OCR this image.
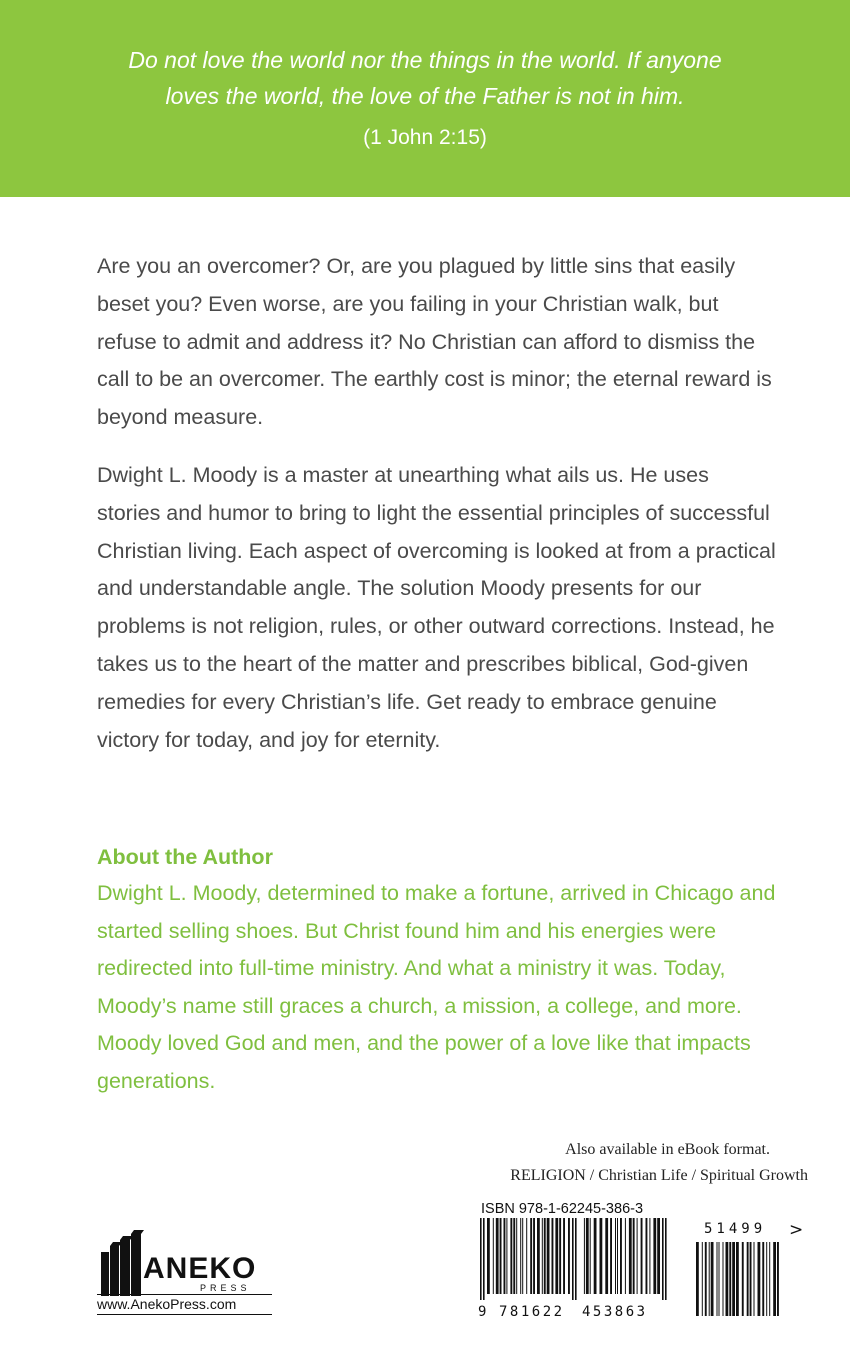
Do not love the world nor the things in the world. If anyone
loves the world, the love of the Father is not in him.

(1 John 2:15)

Are you an overcomer? Or, are you plagued by little sins that easily beset you? Even worse, are you failing in your Christian walk, but refuse to admit and address it? No Christian can afford to dismiss the call to be an overcomer. The earthly cost is minor; the eternal reward is beyond measure.

Dwight L. Moody is a master at unearthing what ails us. He uses stories and humor to bring to light the essential principles of successful Christian living. Each aspect of overcoming is looked at from a practical and understandable angle. The solution Moody presents for our problems is not religion, rules, or other outward corrections. Instead, he takes us to the heart of the matter and prescribes biblical, God-given remedies for every Christian’s life. Get ready to embrace genuine victory for today, and joy for eternity.

About the Author

Dwight L. Moody, determined to make a fortune, arrived in Chicago and started selling shoes. But Christ found him and his energies were redirected into full-time ministry. And what a ministry it was. Today, Moody’s name still graces a church, a mission, a college, and more. Moody loved God and men, and the power of a love like that impacts generations.

Also available in eBook format.

RELIGION / Christian Life / Spiritual Growth

ANEKO
PRESS

www.AnekoPress.com

ISBN 978-1-62245-386-3

9 781622 453863

51499 >
